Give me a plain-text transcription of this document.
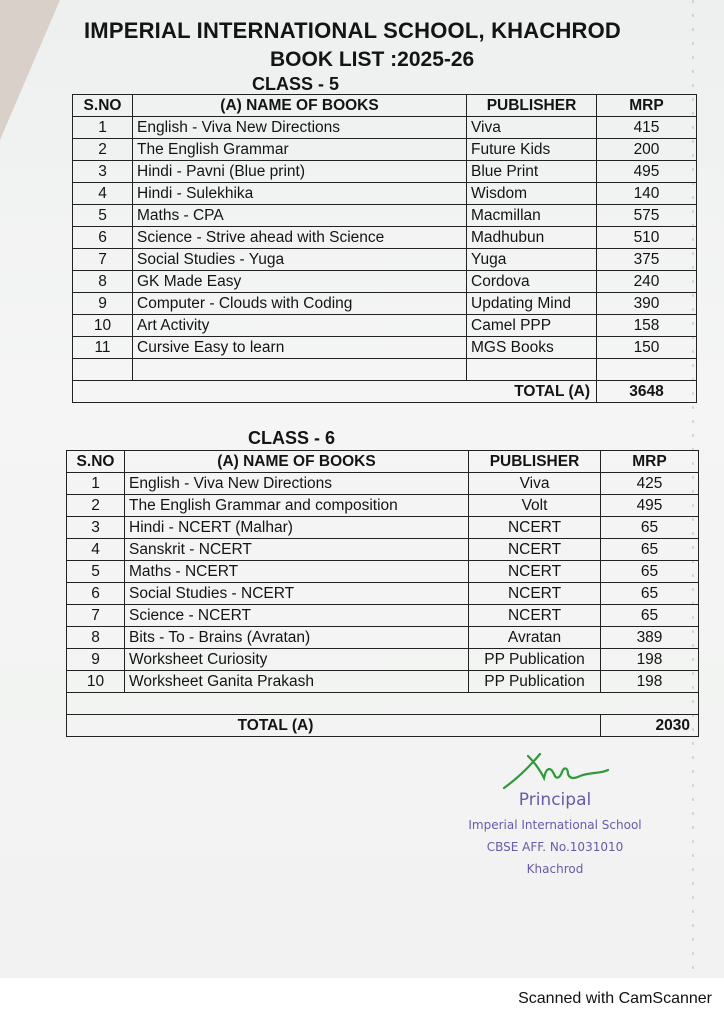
IMPERIAL INTERNATIONAL SCHOOL, KHACHROD
BOOK LIST :2025-26
CLASS - 5
S.NO	(A) NAME OF BOOKS	PUBLISHER	MRP
1	English - Viva New Directions	Viva	415
2	The English Grammar	Future Kids	200
3	Hindi - Pavni (Blue print)	Blue Print	495
4	Hindi - Sulekhika	Wisdom	140
5	Maths - CPA	Macmillan	575
6	Science - Strive ahead with Science	Madhubun	510
7	Social Studies - Yuga	Yuga	375
8	GK Made Easy	Cordova	240
9	Computer - Clouds with Coding	Updating Mind	390
10	Art Activity	Camel PPP	158
11	Cursive Easy to learn	MGS Books	150

TOTAL (A)			3648
CLASS - 6
S.NO	(A) NAME OF BOOKS	PUBLISHER	MRP
1	English - Viva New Directions	Viva	425
2	The English Grammar and composition	Volt	495
3	Hindi - NCERT (Malhar)	NCERT	65
4	Sanskrit - NCERT	NCERT	65
5	Maths - NCERT	NCERT	65
6	Social Studies - NCERT	NCERT	65
7	Science - NCERT	NCERT	65
8	Bits - To - Brains (Avratan)	Avratan	389
9	Worksheet Curiosity	PP Publication	198
10	Worksheet Ganita Prakash	PP Publication	198

TOTAL (A)			2030
Principal
Imperial International School
CBSE AFF. No.1031010
Khachrod
Scanned with CamScanner
